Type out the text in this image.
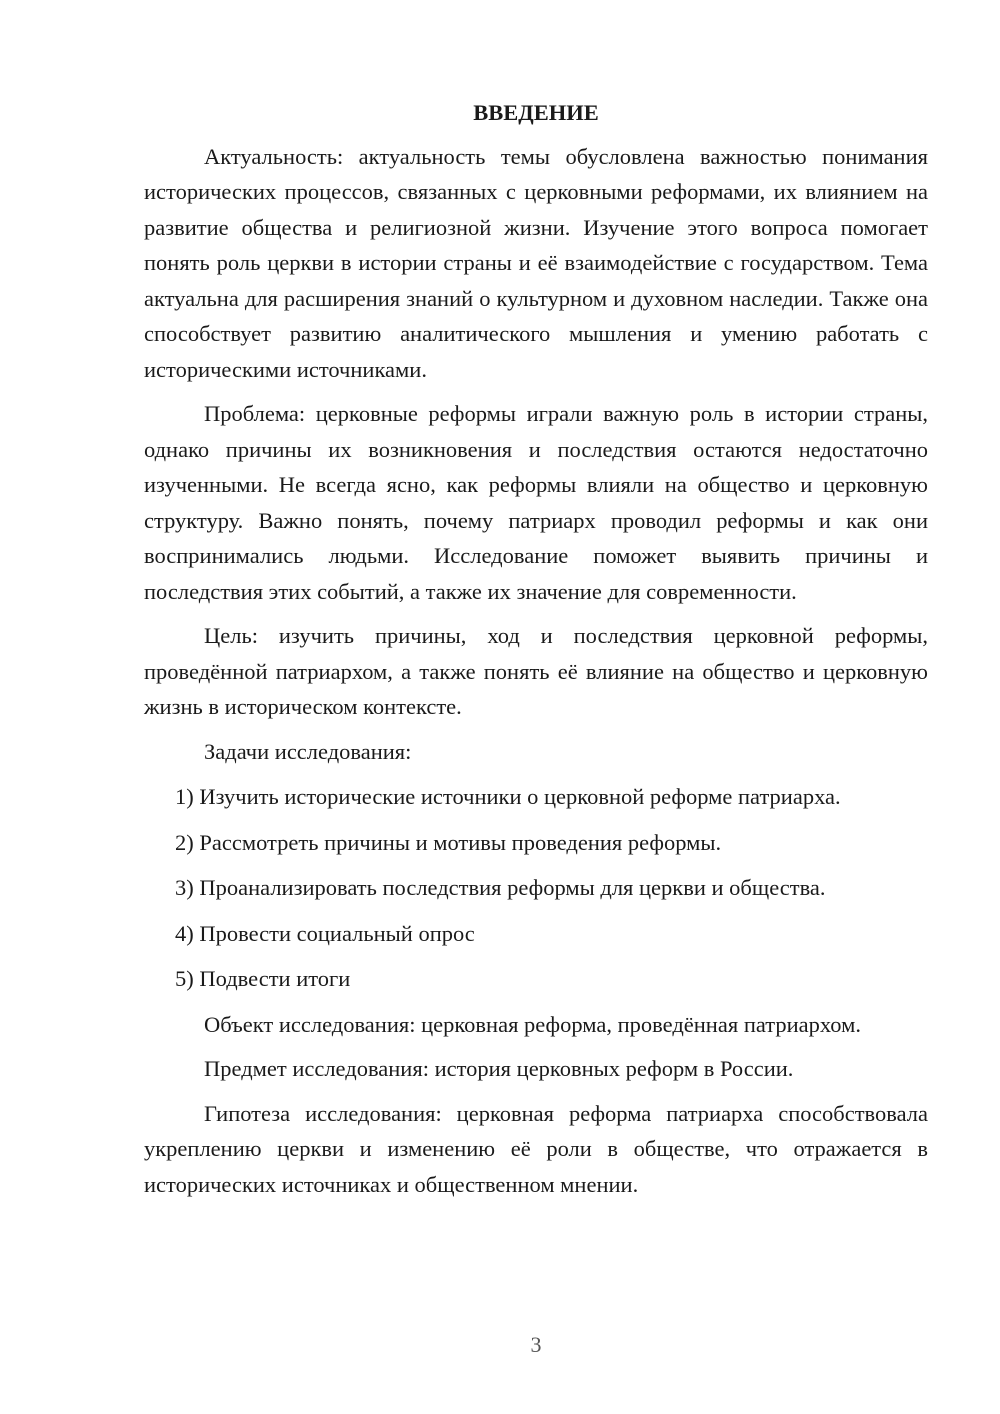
ВВЕДЕНИЕ

Актуальность: актуальность темы обусловлена важностью понимания исторических процессов, связанных с церковными реформами, их влиянием на развитие общества и религиозной жизни. Изучение этого вопроса помогает понять роль церкви в истории страны и её взаимодействие с государством. Тема актуальна для расширения знаний о культурном и духовном наследии. Также она способствует развитию аналитического мышления и умению работать с историческими источниками.

Проблема: церковные реформы играли важную роль в истории страны, однако причины их возникновения и последствия остаются недостаточно изученными. Не всегда ясно, как реформы влияли на общество и церковную структуру. Важно понять, почему патриарх проводил реформы и как они воспринимались людьми. Исследование поможет выявить причины и последствия этих событий, а также их значение для современности.

Цель: изучить причины, ход и последствия церковной реформы, проведённой патриархом, а также понять её влияние на общество и церковную жизнь в историческом контексте.

Задачи исследования:

1) Изучить исторические источники о церковной реформе патриарха.
2) Рассмотреть причины и мотивы проведения реформы.
3) Проанализировать последствия реформы для церкви и общества.
4) Провести социальный опрос
5) Подвести итоги

Объект исследования: церковная реформа, проведённая патриархом.

Предмет исследования: история церковных реформ в России.

Гипотеза исследования: церковная реформа патриарха способствовала укреплению церкви и изменению её роли в обществе, что отражается в исторических источниках и общественном мнении.

3
